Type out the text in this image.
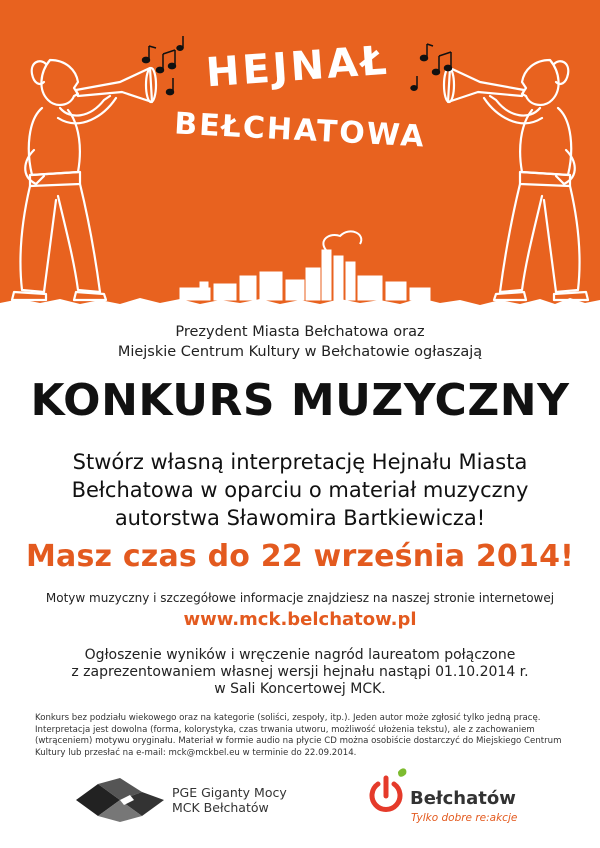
HEJNAŁ
BEŁCHATOWA
Prezydent Miasta Bełchatowa oraz
Miejskie Centrum Kultury w Bełchatowie ogłaszają
KONKURS MUZYCZNY
Stwórz własną interpretację Hejnału Miasta
Bełchatowa w oparciu o materiał muzyczny
autorstwa Sławomira Bartkiewicza!
Masz czas do 22 września 2014!
Motyw muzyczny i szczegółowe informacje znajdziesz na naszej stronie internetowej
www.mck.belchatow.pl
Ogłoszenie wyników i wręczenie nagród laureatom połączone
z zaprezentowaniem własnej wersji hejnału nastąpi 01.10.2014 r.
w Sali Koncertowej MCK.
Konkurs bez podziału wiekowego oraz na kategorie (soliści, zespoły, itp.). Jeden autor może zgłosić tylko jedną pracę.
Interpretacja jest dowolna (forma, kolorystyka, czas trwania utworu, możliwość ułożenia tekstu), ale z zachowaniem
(wtrąceniem) motywu oryginału. Materiał w formie audio na płycie CD można osobiście dostarczyć do Miejskiego Centrum
Kultury lub przesłać na e-mail: mck@mckbel.eu w terminie do 22.09.2014.
PGE Giganty Mocy
MCK Bełchatów	Bełchatów
Tylko dobre re:akcje
